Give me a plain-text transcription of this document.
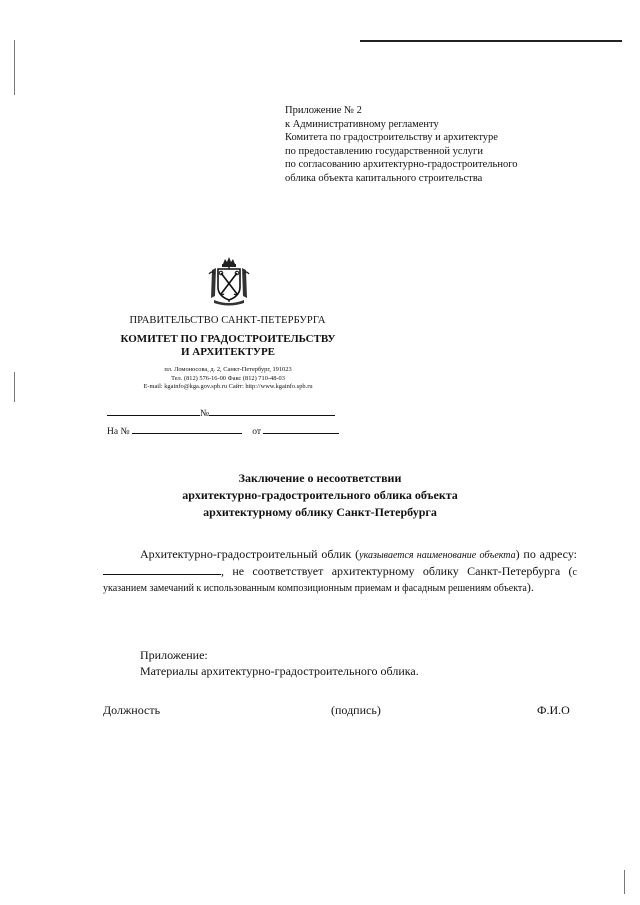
Приложение № 2
к Административному регламенту
Комитета по градостроительству и архитектуре
по предоставлению государственной услуги
по согласованию архитектурно-градостроительного
облика объекта капитального строительства
ПРАВИТЕЛЬСТВО САНКТ-ПЕТЕРБУРГА
КОМИТЕТ ПО ГРАДОСТРОИТЕЛЬСТВУ
И АРХИТЕКТУРЕ
пл. Ломоносова, д. 2, Санкт-Петербург, 191023
Тел. (812) 576-16-00 Факс (812) 710-48-03
E-mail: kgainfo@kga.gov.spb.ru Сайт: http://www.kgainfo.spb.ru
№
На №	от
Заключение о несоответствии
архитектурно-градостроительного облика объекта
архитектурному облику Санкт-Петербурга
Архитектурно-градостроительный облик (указывается наименование объекта) по адресу: , не соответствует архитектурному облику Санкт-Петербурга (с указанием замечаний к использованным композиционным приемам и фасадным решениям объекта).
Приложение:
Материалы архитектурно-градостроительного облика.
Должность	(подпись)	Ф.И.О
